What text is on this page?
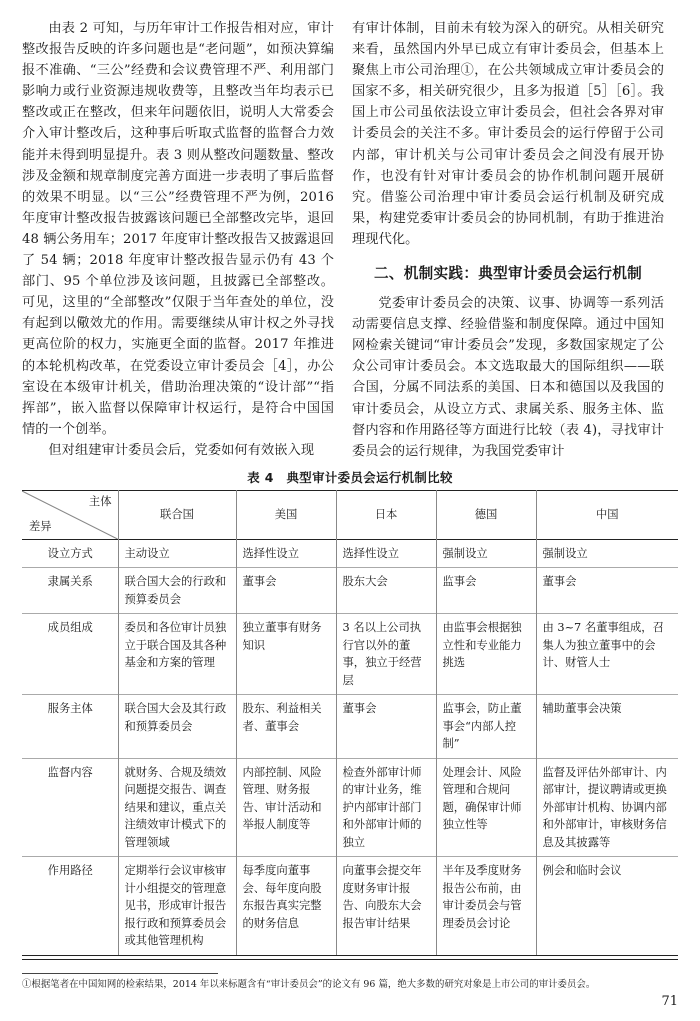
由表 2 可知，与历年审计工作报告相对应，审计整改报告反映的许多问题也是“老问题”，如预决算编报不准确、“三公”经费和会议费管理不严、利用部门影响力或行业资源违规收费等，且整改当年均表示已整改或正在整改，但来年问题依旧，说明人大常委会介入审计整改后，这种事后听取式监督的监督合力效能并未得到明显提升。表 3 则从整改问题数量、整改涉及金额和规章制度完善方面进一步表明了事后监督的效果不明显。以“三公”经费管理不严为例，2016 年度审计整改报告披露该问题已全部整改完毕，退回 48 辆公务用车；2017 年度审计整改报告又披露退回了 54 辆；2018 年度审计整改报告显示仍有 43 个部门、95 个单位涉及该问题，且披露已全部整改。可见，这里的“全部整改”仅限于当年查处的单位，没有起到以儆效尤的作用。需要继续从审计权之外寻找更高位阶的权力，实施更全面的监督。2017 年推进的本轮机构改革，在党委设立审计委员会［4］，办公室设在本级审计机关，借助治理决策的“设计部”“指挥部”，嵌入监督以保障审计权运行，是符合中国国情的一个创举。

但对组建审计委员会后，党委如何有效嵌入现

有审计体制，目前未有较为深入的研究。从相关研究来看，虽然国内外早已成立有审计委员会，但基本上聚焦上市公司治理①，在公共领域成立审计委员会的国家不多，相关研究很少，且多为报道［5］［6］。我国上市公司虽依法设立审计委员会，但社会各界对审计委员会的关注不多。审计委员会的运行停留于公司内部，审计机关与公司审计委员会之间没有展开协作，也没有针对审计委员会的协作机制问题开展研究。借鉴公司治理中审计委员会运行机制及研究成果，构建党委审计委员会的协同机制，有助于推进治理现代化。

二、机制实践：典型审计委员会运行机制

党委审计委员会的决策、议事、协调等一系列活动需要信息支撑、经验借鉴和制度保障。通过中国知网检索关键词“审计委员会”发现，多数国家规定了公众公司审计委员会。本文选取最大的国际组织——联合国，分属不同法系的美国、日本和德国以及我国的审计委员会，从设立方式、隶属关系、服务主体、监督内容和作用路径等方面进行比较（表 4)，寻找审计委员会的运行规律，为我国党委审计

表 4　典型审计委员会运行机制比较
主体
差异	联合国	美国	日本	德国	中国
设立方式	主动设立	选择性设立	选择性设立	强制设立	强制设立
隶属关系	联合国大会的行政和预算委员会	董事会	股东大会	监事会	董事会
成员组成	委员和各位审计员独立于联合国及其各种基金和方案的管理	独立董事有财务知识	3 名以上公司执行官以外的董事，独立于经营层	由监事会根据独立性和专业能力挑选	由 3~7 名董事组成，召集人为独立董事中的会计、财管人士
服务主体	联合国大会及其行政和预算委员会	股东、利益相关者、董事会	董事会	监事会，防止董事会“内部人控制”	辅助董事会决策
监督内容	就财务、合规及绩效问题提交报告、调查结果和建议，重点关注绩效审计模式下的管理领域	内部控制、风险管理、财务报告、审计活动和举报人制度等	检查外部审计师的审计业务，维护内部审计部门和外部审计师的独立	处理会计、风险管理和合规问题，确保审计师独立性等	监督及评估外部审计、内部审计，提议聘请或更换外部审计机构、协调内部和外部审计，审核财务信息及其披露等
作用路径	定期举行会议审核审计小组提交的管理意见书，形成审计报告报行政和预算委员会或其他管理机构	每季度向董事会、每年度向股东报告真实完整的财务信息	向董事会提交年度财务审计报告、向股东大会报告审计结果	半年及季度财务报告公布前，由审计委员会与管理委员会讨论	例会和临时会议

①根据笔者在中国知网的检索结果，2014 年以来标题含有“审计委员会”的论文有 96 篇，绝大多数的研究对象是上市公司的审计委员会。

71
